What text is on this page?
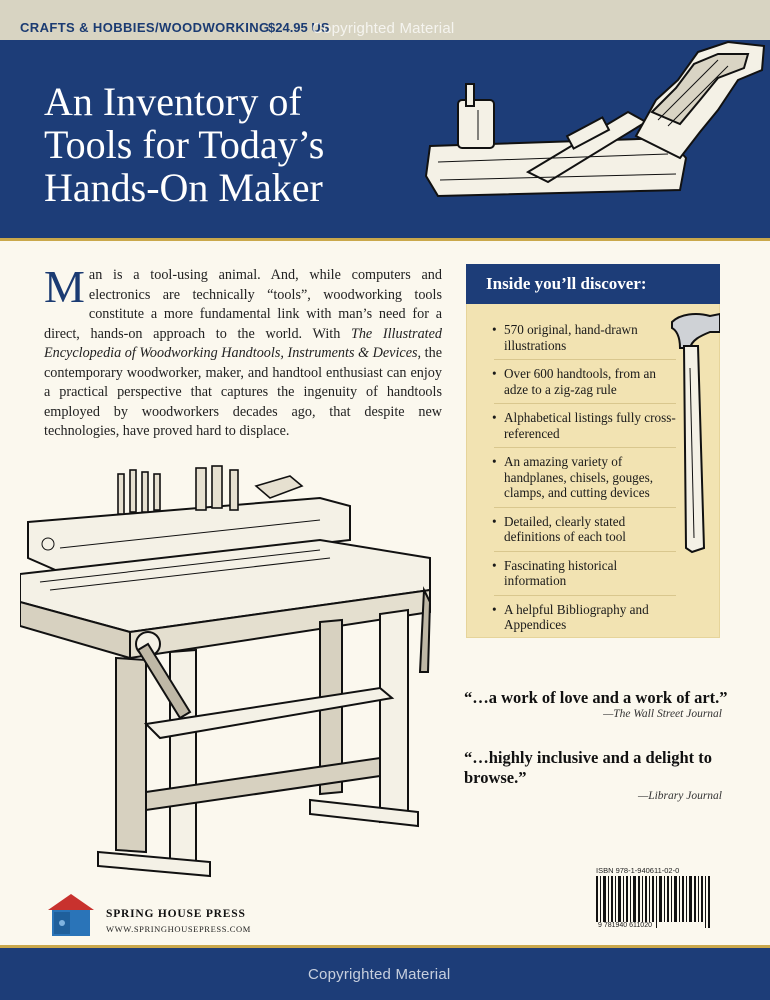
CRAFTS & HOBBIES/WOODWORKING
$24.95 US
Copyrighted Material
An Inventory of
Tools for Today’s
Hands-On Maker
Man is a tool-using animal. And, while computers and electronics are technically “tools”, woodworking tools constitute a more fundamental link with man’s need for a direct, hands-on approach to the world. With The Illustrated Encyclopedia of Woodworking Handtools, Instruments & Devices, the contemporary woodworker, maker, and handtool enthusiast can enjoy a practical perspective that captures the ingenuity of handtools employed by woodworkers decades ago, that despite new technologies, have proved hard to displace.
Inside you’ll discover:
• 570 original, hand-drawn illustrations
• Over 600 handtools, from an adze to a zig-zag rule
• Alphabetical listings fully cross-referenced
• An amazing variety of handplanes, chisels, gouges, clamps, and cutting devices
• Detailed, clearly stated definitions of each tool
• Fascinating historical information
• A helpful Bibliography and Appendices
“…a work of love and a work of art.”
—The Wall Street Journal
“…highly inclusive and a delight to browse.”
—Library Journal
ISBN 978-1-940611-02-0
9 781940 611020
SPRING HOUSE PRESS
WWW.SPRINGHOUSEPRESS.COM
Copyrighted Material
